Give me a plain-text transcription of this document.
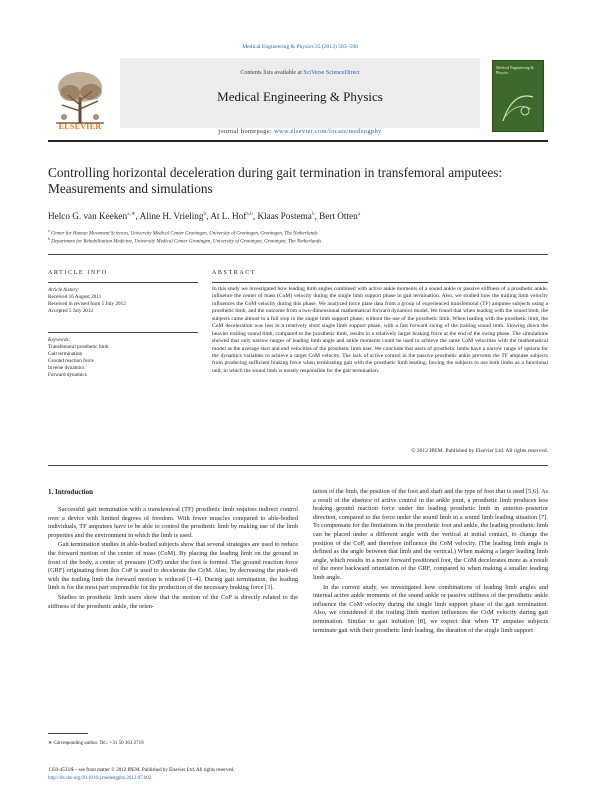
Medical Engineering & Physics 35 (2013) 583–590
Contents lists available at SciVerse ScienceDirect
Medical Engineering & Physics
journal homepage: www.elsevier.com/locate/medengphy
ELSEVIER
Medical Engineering & Physics
Controlling horizontal deceleration during gait termination in transfemoral amputees: Measurements and simulations
Helco G. van Keeken$^{a,∗}$, Aline H. Vrieling$^b$, At L. Hof$^{a,b}$, Klaas Postema$^b$, Bert Otten$^a$
$^a$ Center for Human Movement Sciences, University Medical Center Groningen, University of Groningen, Groningen, The Netherlands
$^b$ Department for Rehabilitation Medicine, University Medical Center Groningen, University of Groningen, Groningen, The Netherlands
ARTICLE INFO	ABSTRACT
Article history:
Received 16 August 2011
Received in revised form 5 July 2012
Accepted 5 July 2012
Keywords:
Transfemoral prosthetic limb
Gait termination
Ground reaction force
Inverse dynamics
Forward dynamics
In this study we investigated how leading limb angles combined with active ankle moments of a sound ankle or passive stiffness of a prosthetic ankle, influence the center of mass (CoM) velocity during the single limb support phase in gait termination. Also, we studied how the trailing limb velocity influences the CoM velocity during this phase. We analyzed force plate data from a group of experienced transfemoral (TF) amputee subjects using a prosthetic limb, and the outcome from a two-dimensional mathematical forward dynamics model. We found that when leading with the sound limb, the subjects came almost to a full stop in the single limb support phase, without the use of the prosthetic limb. When leading with the prosthetic limb, the CoM deceleration was less in a relatively short single limb support phase, with a fast forward swing of the trailing sound limb. Slowing down the heavier trailing sound limb, compared to the prosthetic limb, results in a relatively larger braking force at the end of the swing phase. The simulations showed that only narrow ranges of leading limb angle and ankle moments could be used to achieve the same CoM velocities with the mathematical model as the average start and end velocities of the prosthetic limb user. We conclude that users of prosthetic limbs have a narrow range of options for the dynamics variables to achieve a target CoM velocity. The lack of active control in the passive prosthetic ankle prevents the TF amputee subjects from producing sufficient braking force when terminating gait with the prosthetic limb leading, forcing the subjects to use both limbs as a functional unit, in which the sound limb is mostly responsible for the gait termination.
© 2012 IPEM. Published by Elsevier Ltd. All rights reserved.
1. Introduction

Successful gait termination with a transfemoral (TF) prosthetic limb requires indirect control over a device with limited degrees of freedom. With fewer muscles compared to able-bodied individuals, TF amputees have to be able to control the prosthetic limb by making use of the limb properties and the environment in which the limb is used.

Gait termination studies in able-bodied subjects show that several strategies are used to reduce the forward motion of the center of mass (CoM). By placing the leading limb on the ground in front of the body, a center of pressure (CoP) under the foot is formed. The ground reaction force (GRF) originating from this CoP is used to decelerate the CoM. Also, by decreasing the push-off with the trailing limb the forward motion is reduced [1–4]. During gait termination, the leading limb is for the most part responsible for the production of the necessary braking force [3].

Studies in prosthetic limb users show that the motion of the CoP is directly related to the stiffness of the prosthetic ankle, the orien-

tation of the limb, the position of the foot and shaft and the type of foot that is used [5,6]. As a result of the absence of active control in the ankle joint, a prosthetic limb produces less braking ground reaction force under the leading prosthetic limb in anterior–posterior direction, compared to the force under the sound limb in a sound limb leading situation [7]. To compensate for the limitations in the prosthetic foot and ankle, the leading prosthetic limb can be placed under a different angle with the vertical at initial contact, to change the position of the CoP, and therefore influence the CoM velocity. (The leading limb angle is defined as the angle between that limb and the vertical.) When making a larger leading limb angle, which results in a more forward positioned foot, the CoM decelerates more as a result of the more backward orientation of the GRF, compared to when making a smaller leading limb angle.

In the current study, we investigated how combinations of leading limb angles and internal active ankle moments of the sound ankle or passive stiffness of the prosthetic ankle influence the CoM velocity during the single limb support phase of the gait termination. Also, we considered if the trailing limb motion influences the CoM velocity during gait termination. Similar to gait initiation [8], we expect that when TF amputee subjects terminate gait with their prosthetic limb leading, the duration of the single limb support

∗ Corresponding author. Tel.: +31 50 363 2719
1350-4533/$ – see front matter © 2012 IPEM. Published by Elsevier Ltd. All rights reserved.
http://dx.doi.org/10.1016/j.medengphy.2012.07.002
